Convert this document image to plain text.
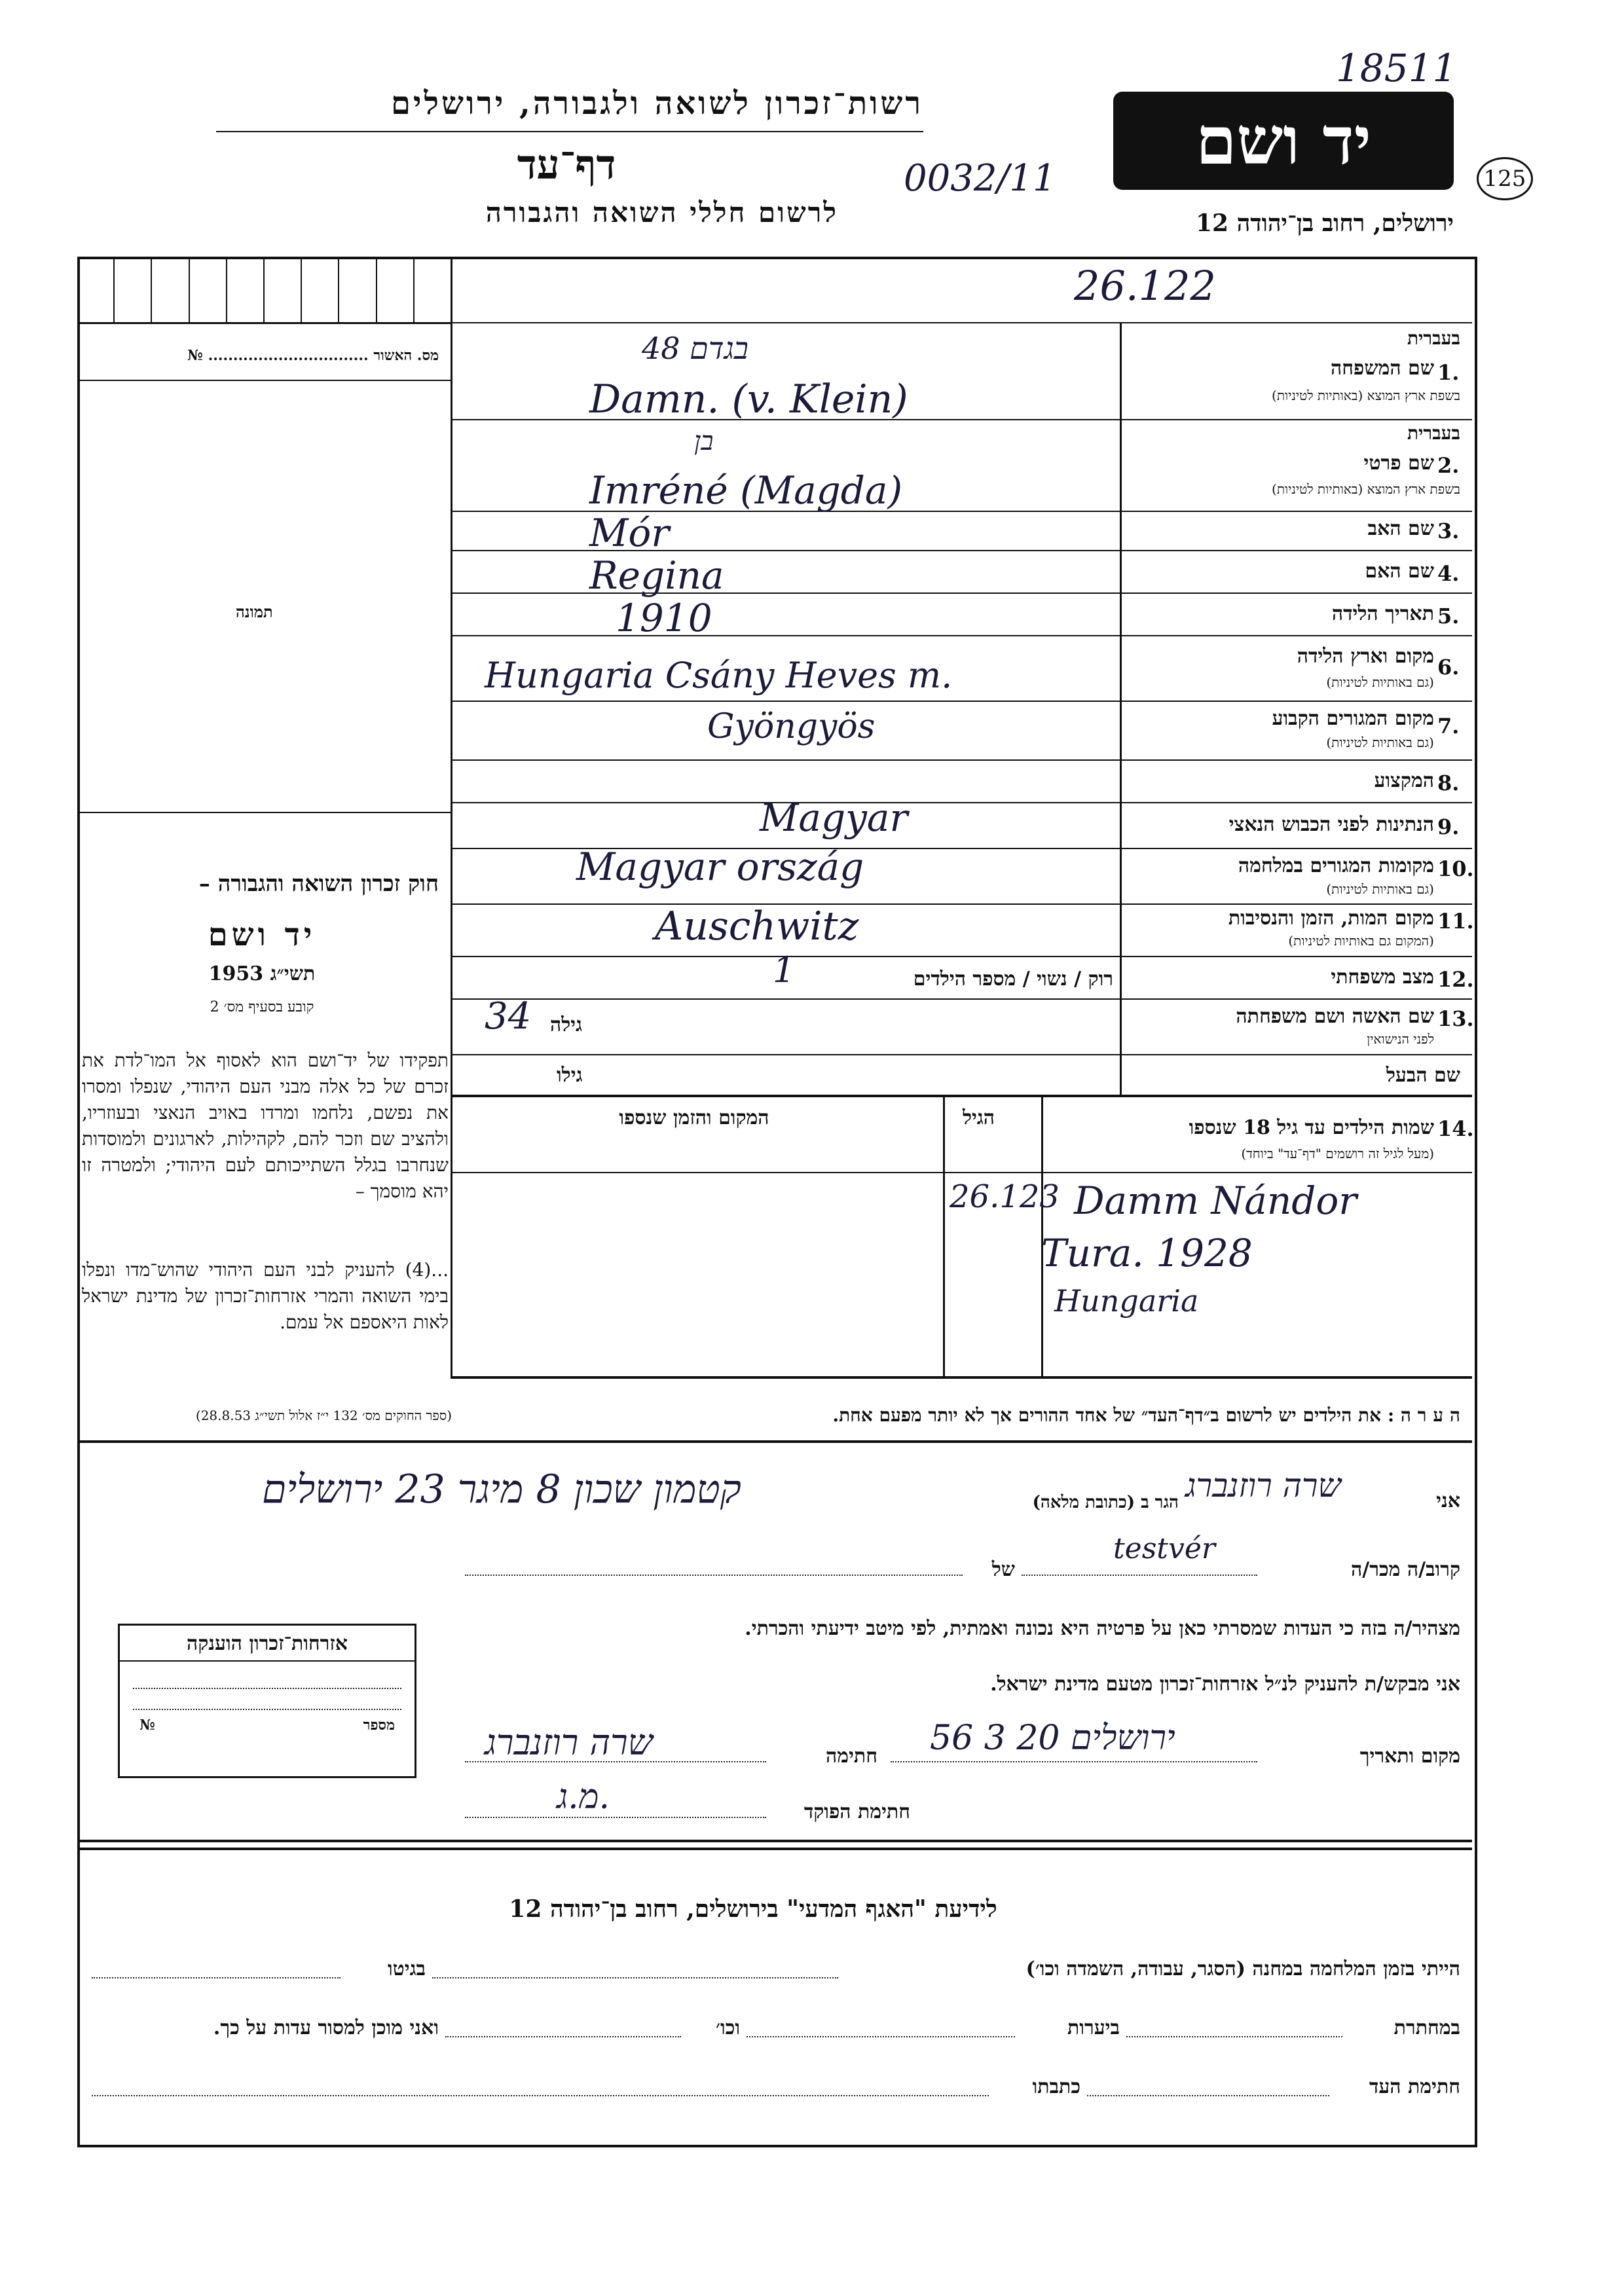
18511
125
רשות־זכרון לשואה ולגבורה, ירושלים
דף־עד
לרשום חללי השואה והגבורה
0032/11	יד ושם
ירושלים, רחוב בן־יהודה 12
26.122
מס. האשור ................................ №
תמונה
חוק זכרון השואה והגבורה –
יד ושם
תשי״ג 1953
קובע בסעיף מס׳ 2
תפקידו של יד־ושם הוא לאסוף אל המו־לדת את זכרם של כל אלה מבני העם היהודי, שנפלו ומסרו את נפשם, נלחמו ומרדו באויב הנאצי ובעוזריו, ולהציב שם וזכר להם, לקהילות, לארגונים ולמוסדות שנחרבו בגלל השתייכותם לעם היהודי; ולמטרה זו יהא מוסמך –
...(4) להעניק לבני העם היהודי שהוש־מדו ונפלו בימי השואה והמרי אזרחות־זכרון של מדינת ישראל לאות היאספם אל עמם.
(ספר החוקים מס׳ 132 י״ז אלול תשי״ג 28.8.53)
בעברית
שם המשפחה 1.
בשפת ארץ המוצא (באותיות לטיניות)
48 בגדם
Damn. (v. Klein)
בעברית
שם פרטי 2.
בשפת ארץ המוצא (באותיות לטיניות)
בן
Imréné (Magda)
שם האב 3.
Mór
שם האם 4.
Regina
תאריך הלידה 5.
1910
מקום וארץ הלידה 6.
(גם באותיות לטיניות)
Hungaria Csány Heves m.
מקום המגורים הקבוע 7.
(גם באותיות לטיניות)
Gyöngyös
המקצוע 8.
הנתינות לפני הכבוש הנאצי 9.
Magyar
מקומות המגורים במלחמה 10.
(גם באותיות לטיניות)
Magyar ország
מקום המות, הזמן והנסיבות 11.
(המקום גם באותיות לטיניות)
Auschwitz
מצב משפחתי 12.
רוק / נשוי / מספר הילדים
1
שם האשה ושם משפחתה 13.
לפני הנישואין
גילה
34
שם הבעל
גילו
14.
שמות הילדים עד גיל 18 שנספו
(מעל לגיל זה רושמים "דף־עד" ביוחד)
הגיל
המקום והזמן שנספו
26.123 Damm Nándor
Tura. 1928
Hungaria
ה ע ר ה : את הילדים יש לרשום ב״דף־העד״ של אחד ההורים אך לא יותר מפעם אחת.
אני
שרה רוזנברג
הגר ב (כתובת מלאה)
קטמון שכון 8 מיגר 23 ירושלים
קרוב/ה מכר/ה
testvér
של
מצהיר/ה בזה כי העדות שמסרתי כאן על פרטיה היא נכונה ואמתית, לפי מיטב ידיעתי והכרתי.
אני מבקש/ת להעניק לנ״ל אזרחות־זכרון מטעם מדינת ישראל.
מקום ותאריך
ירושלים 20 3 56
חתימה
שרה רוזנברג
חתימת הפוקד
מ.ג.
אזרחות־זכרון הוענקה
№	מספר
לידיעת "האגף המדעי" בירושלים, רחוב בן־יהודה 12
הייתי בזמן המלחמה במחנה (הסגר, עבודה, השמדה וכו׳)
בגיטו
במחתרת
ביערות
וכו׳
ואני מוכן למסור עדות על כך.
חתימת העד
כתבתו
